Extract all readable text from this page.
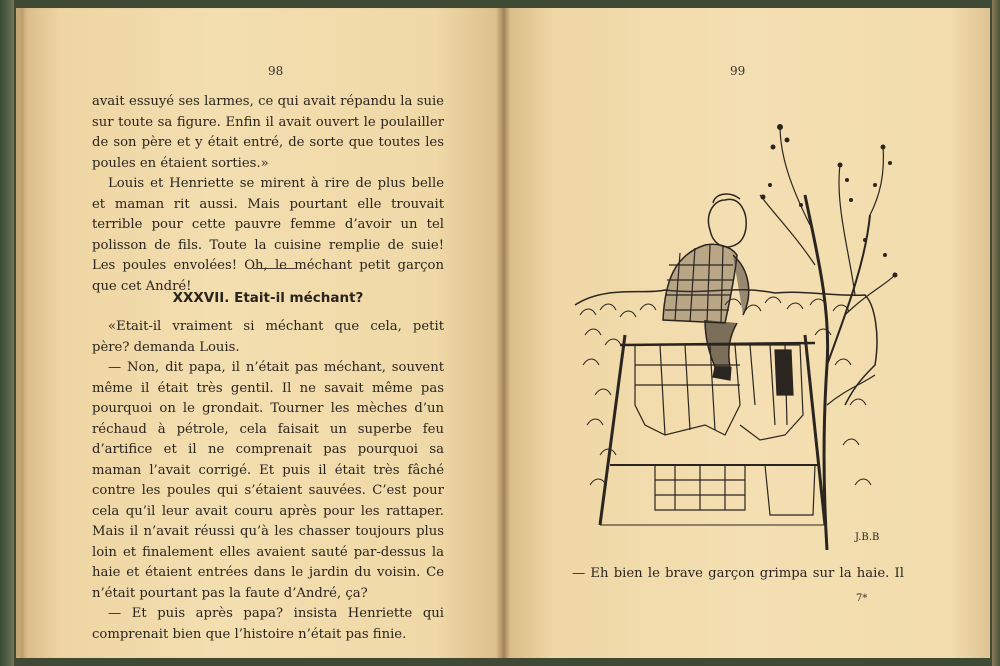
98

avait essuyé ses larmes, ce qui avait répandu la suie sur toute sa figure. Enfin il avait ouvert le poulailler de son père et y était entré, de sorte que toutes les poules en étaient sorties.»

Louis et Henriette se mirent à rire de plus belle et maman rit aussi. Mais pourtant elle trouvait terrible pour cette pauvre femme d’avoir un tel polisson de fils. Toute la cuisine remplie de suie! Les poules envolées! Oh, le méchant petit garçon que cet André!

XXXVII. Etait-il méchant?

«Etait-il vraiment si méchant que cela, petit père? demanda Louis.

— Non, dit papa, il n’était pas méchant, souvent même il était très gentil. Il ne savait même pas pourquoi on le grondait. Tourner les mèches d’un réchaud à pétrole, cela faisait un superbe feu d’artifice et il ne comprenait pas pourquoi sa maman l’avait corrigé. Et puis il était très fâché contre les poules qui s’étaient sauvées. C’est pour cela qu’il leur avait couru après pour les rattaper. Mais il n’avait réussi qu’à les chasser toujours plus loin et finalement elles avaient sauté par-dessus la haie et étaient entrées dans le jardin du voisin. Ce n’était pourtant pas la faute d’André, ça?

— Et puis après papa? insista Henriette qui comprenait bien que l’histoire n’était pas finie.

99
J.B.B
— Eh bien le brave garçon grimpa sur la haie. Il
7*
